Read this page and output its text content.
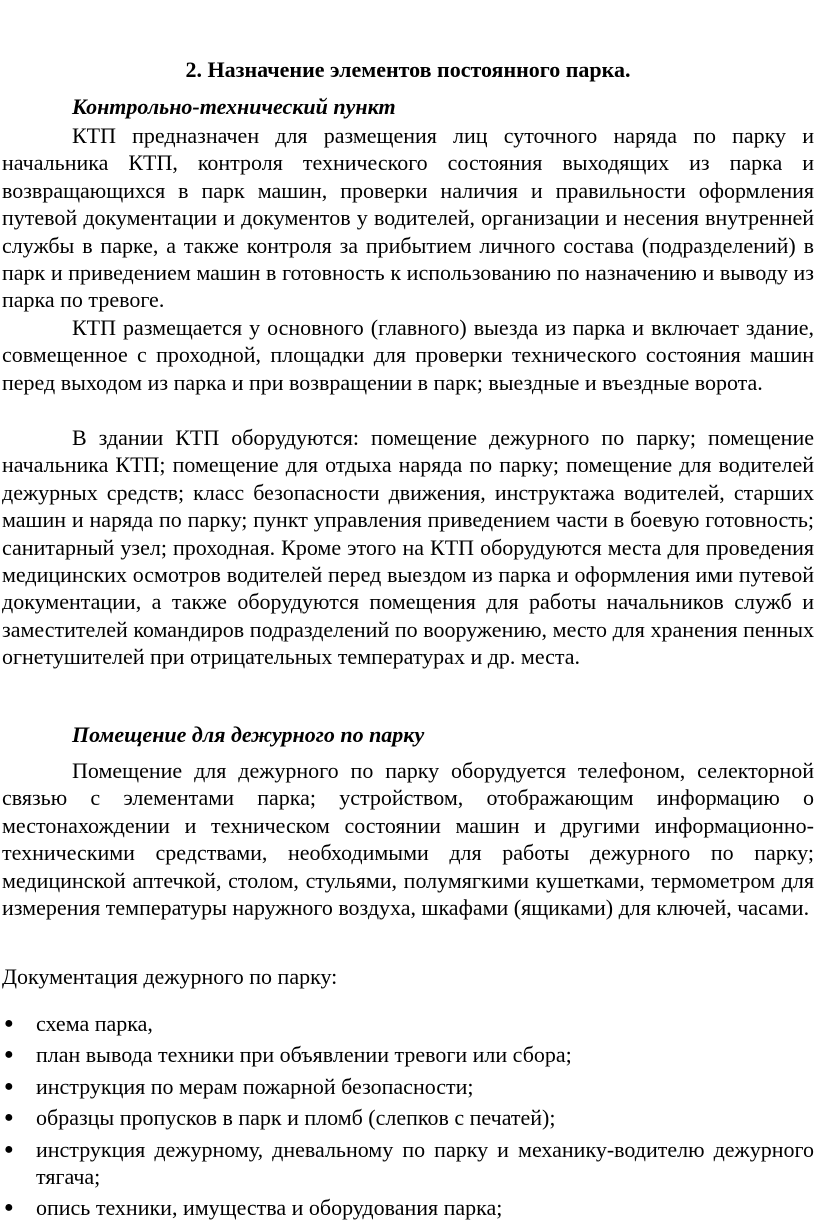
2. Назначение элементов постоянного парка.
Контрольно-технический пункт

КТП предназначен для размещения лиц суточного наряда по парку и начальника КТП, контроля технического состояния выходящих из парка и возвращающихся в парк машин, проверки наличия и правильности оформления путевой документации и документов у водителей, организации и несения внутренней службы в парке, а также контроля за прибытием личного состава (подразделений) в парк и приведением машин в готовность к использованию по назначению и выводу из парка по тревоге.

КТП размещается у основного (главного) выезда из парка и включает здание, совмещенное с проходной, площадки для проверки технического состояния машин перед выходом из парка и при возвращении в парк; выездные и въездные ворота.

В здании КТП оборудуются: помещение дежурного по парку; помещение начальника КТП; помещение для отдыха наряда по парку; помещение для водителей дежурных средств; класс безопасности движения, инструктажа водителей, старших машин и наряда по парку; пункт управления приведением части в боевую готовность; санитарный узел; проходная. Кроме этого на КТП оборудуются места для проведения медицинских осмотров водителей перед выездом из парка и оформления ими путевой документации, а также оборудуются помещения для работы начальников служб и заместителей командиров подразделений по вооружению, место для хранения пенных огнетушителей при отрицательных температурах и др. места.

Помещение для дежурного по парку

Помещение для дежурного по парку оборудуется телефоном, селекторной связью с элементами парка; устройством, отображающим информацию о местонахождении и техническом состоянии машин и другими информационно-техническими средствами, необходимыми для работы дежурного по парку; медицинской аптечкой, столом, стульями, полумягкими кушетками, термометром для измерения температуры наружного воздуха, шкафами (ящиками) для ключей, часами.

Документация дежурного по парку:

● схема парка,
● план вывода техники при объявлении тревоги или сбора;
● инструкция по мерам пожарной безопасности;
● образцы пропусков в парк и пломб (слепков с печатей);
● инструкция дежурному, дневальному по парку и механику-водителю дежурного тягача;
● опись техники, имущества и оборудования парка;
